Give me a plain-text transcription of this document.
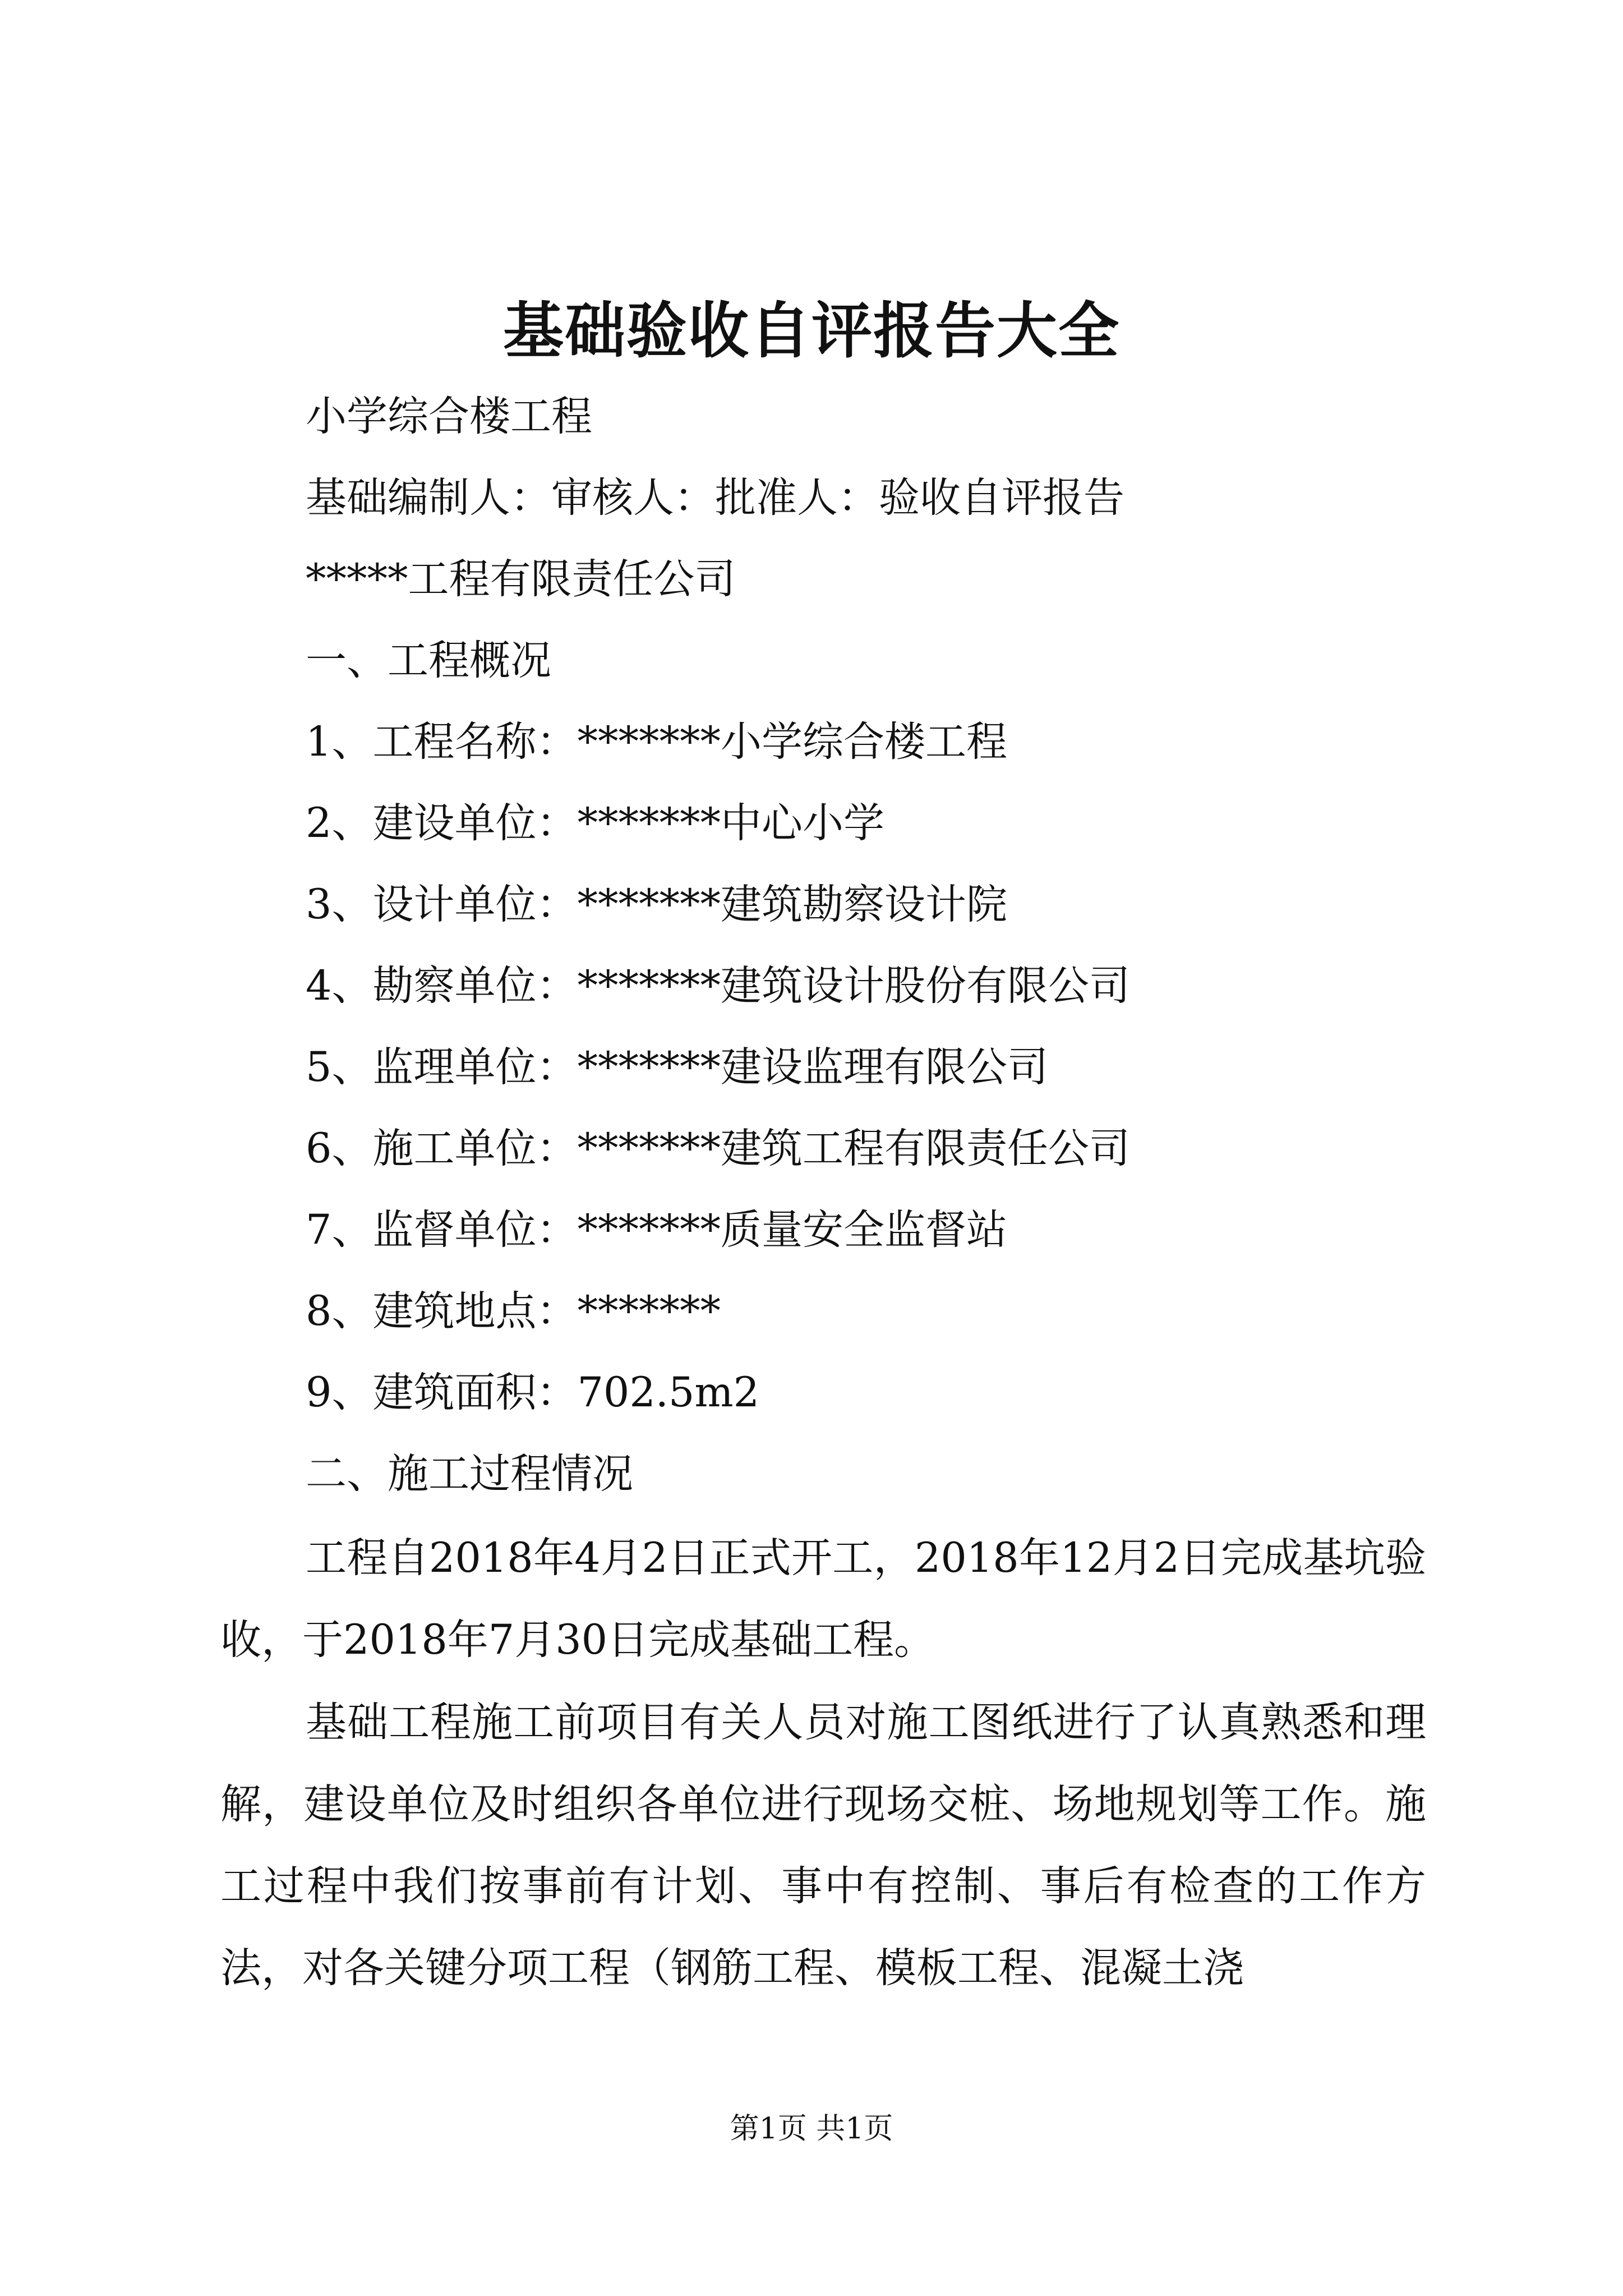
基础验收自评报告大全
小学综合楼工程
基础编制人：审核人：批准人：验收自评报告
*****工程有限责任公司
一、工程概况
1、工程名称：*******小学综合楼工程
2、建设单位：*******中心小学
3、设计单位：*******建筑勘察设计院
4、勘察单位：*******建筑设计股份有限公司
5、监理单位：*******建设监理有限公司
6、施工单位：*******建筑工程有限责任公司
7、监督单位：*******质量安全监督站
8、建筑地点：*******
9、建筑面积：702.5m2
二、施工过程情况
工程自2018年4月2日正式开工，2018年12月2日完成基坑验收，于2018年7月30日完成基础工程。
基础工程施工前项目有关人员对施工图纸进行了认真熟悉和理解，建设单位及时组织各单位进行现场交桩、场地规划等工作。施工过程中我们按事前有计划、事中有控制、事后有检查的工作方法，对各关键分项工程（钢筋工程、模板工程、混凝土浇
第1页 共1页
